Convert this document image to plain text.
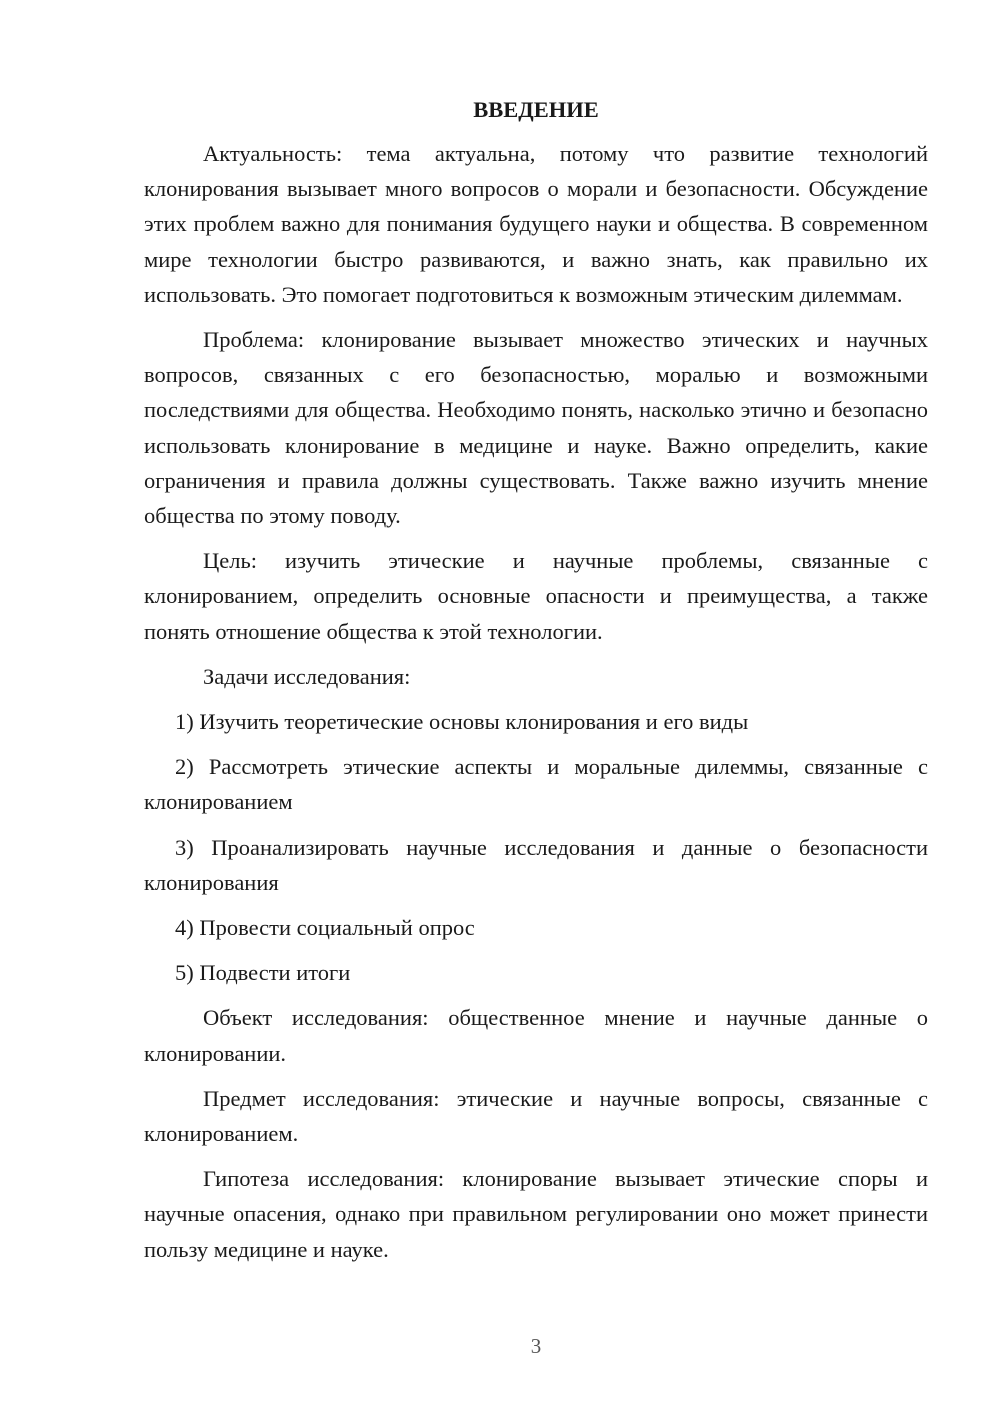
ВВЕДЕНИЕ

Актуальность: тема актуальна, потому что развитие технологий клонирования вызывает много вопросов о морали и безопасности. Обсуждение этих проблем важно для понимания будущего науки и общества. В современном мире технологии быстро развиваются, и важно знать, как правильно их использовать. Это помогает подготовиться к возможным этическим дилеммам.

Проблема: клонирование вызывает множество этических и научных вопросов, связанных с его безопасностью, моралью и возможными последствиями для общества. Необходимо понять, насколько этично и безопасно использовать клонирование в медицине и науке. Важно определить, какие ограничения и правила должны существовать. Также важно изучить мнение общества по этому поводу.

Цель: изучить этические и научные проблемы, связанные с клонированием, определить основные опасности и преимущества, а также понять отношение общества к этой технологии.

Задачи исследования:

1) Изучить теоретические основы клонирования и его виды

2) Рассмотреть этические аспекты и моральные дилеммы, связанные с клонированием

3) Проанализировать научные исследования и данные о безопасности клонирования

4) Провести социальный опрос

5) Подвести итоги

Объект исследования: общественное мнение и научные данные о клонировании.

Предмет исследования: этические и научные вопросы, связанные с клонированием.

Гипотеза исследования: клонирование вызывает этические споры и научные опасения, однако при правильном регулировании оно может принести пользу медицине и науке.

3
